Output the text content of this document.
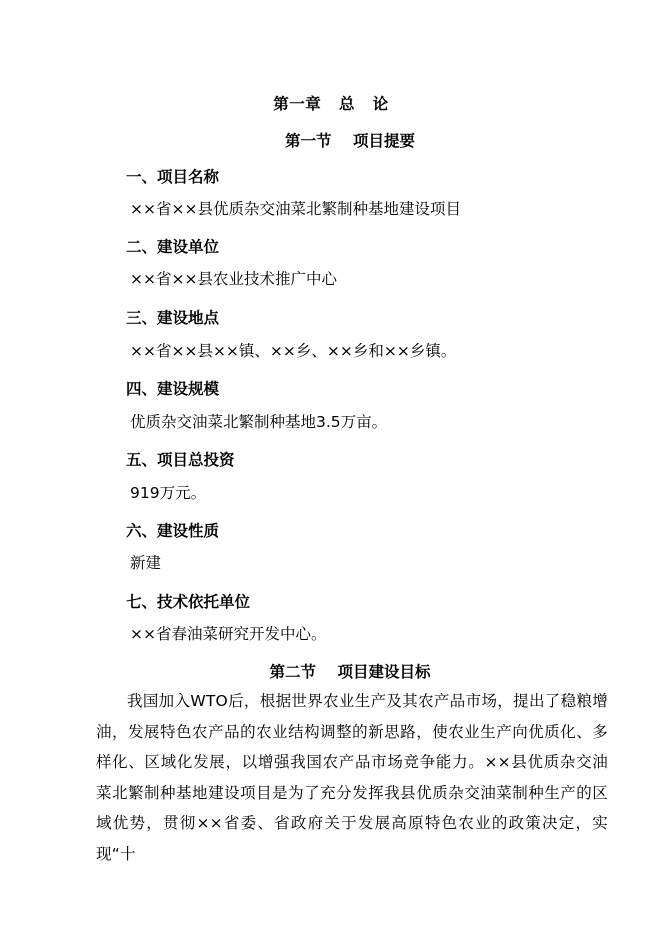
第一章   总   论
第一节    项目提要
一、项目名称
××省××县优质杂交油菜北繁制种基地建设项目
二、建设单位
××省××县农业技术推广中心
三、建设地点
××省××县××镇、××乡、××乡和××乡镇。
四、建设规模
优质杂交油菜北繁制种基地3.5万亩。
五、项目总投资
919万元。
六、建设性质
新建
七、技术依托单位
××省春油菜研究开发中心。
第二节    项目建设目标
我国加入WTO后，根据世界农业生产及其农产品市场，提出了稳粮增油，发展特色农产品的农业结构调整的新思路，使农业生产向优质化、多样化、区域化发展，以增强我国农产品市场竞争能力。××县优质杂交油菜北繁制种基地建设项目是为了充分发挥我县优质杂交油菜制种生产的区域优势，贯彻××省委、省政府关于发展高原特色农业的政策决定，实现“十
